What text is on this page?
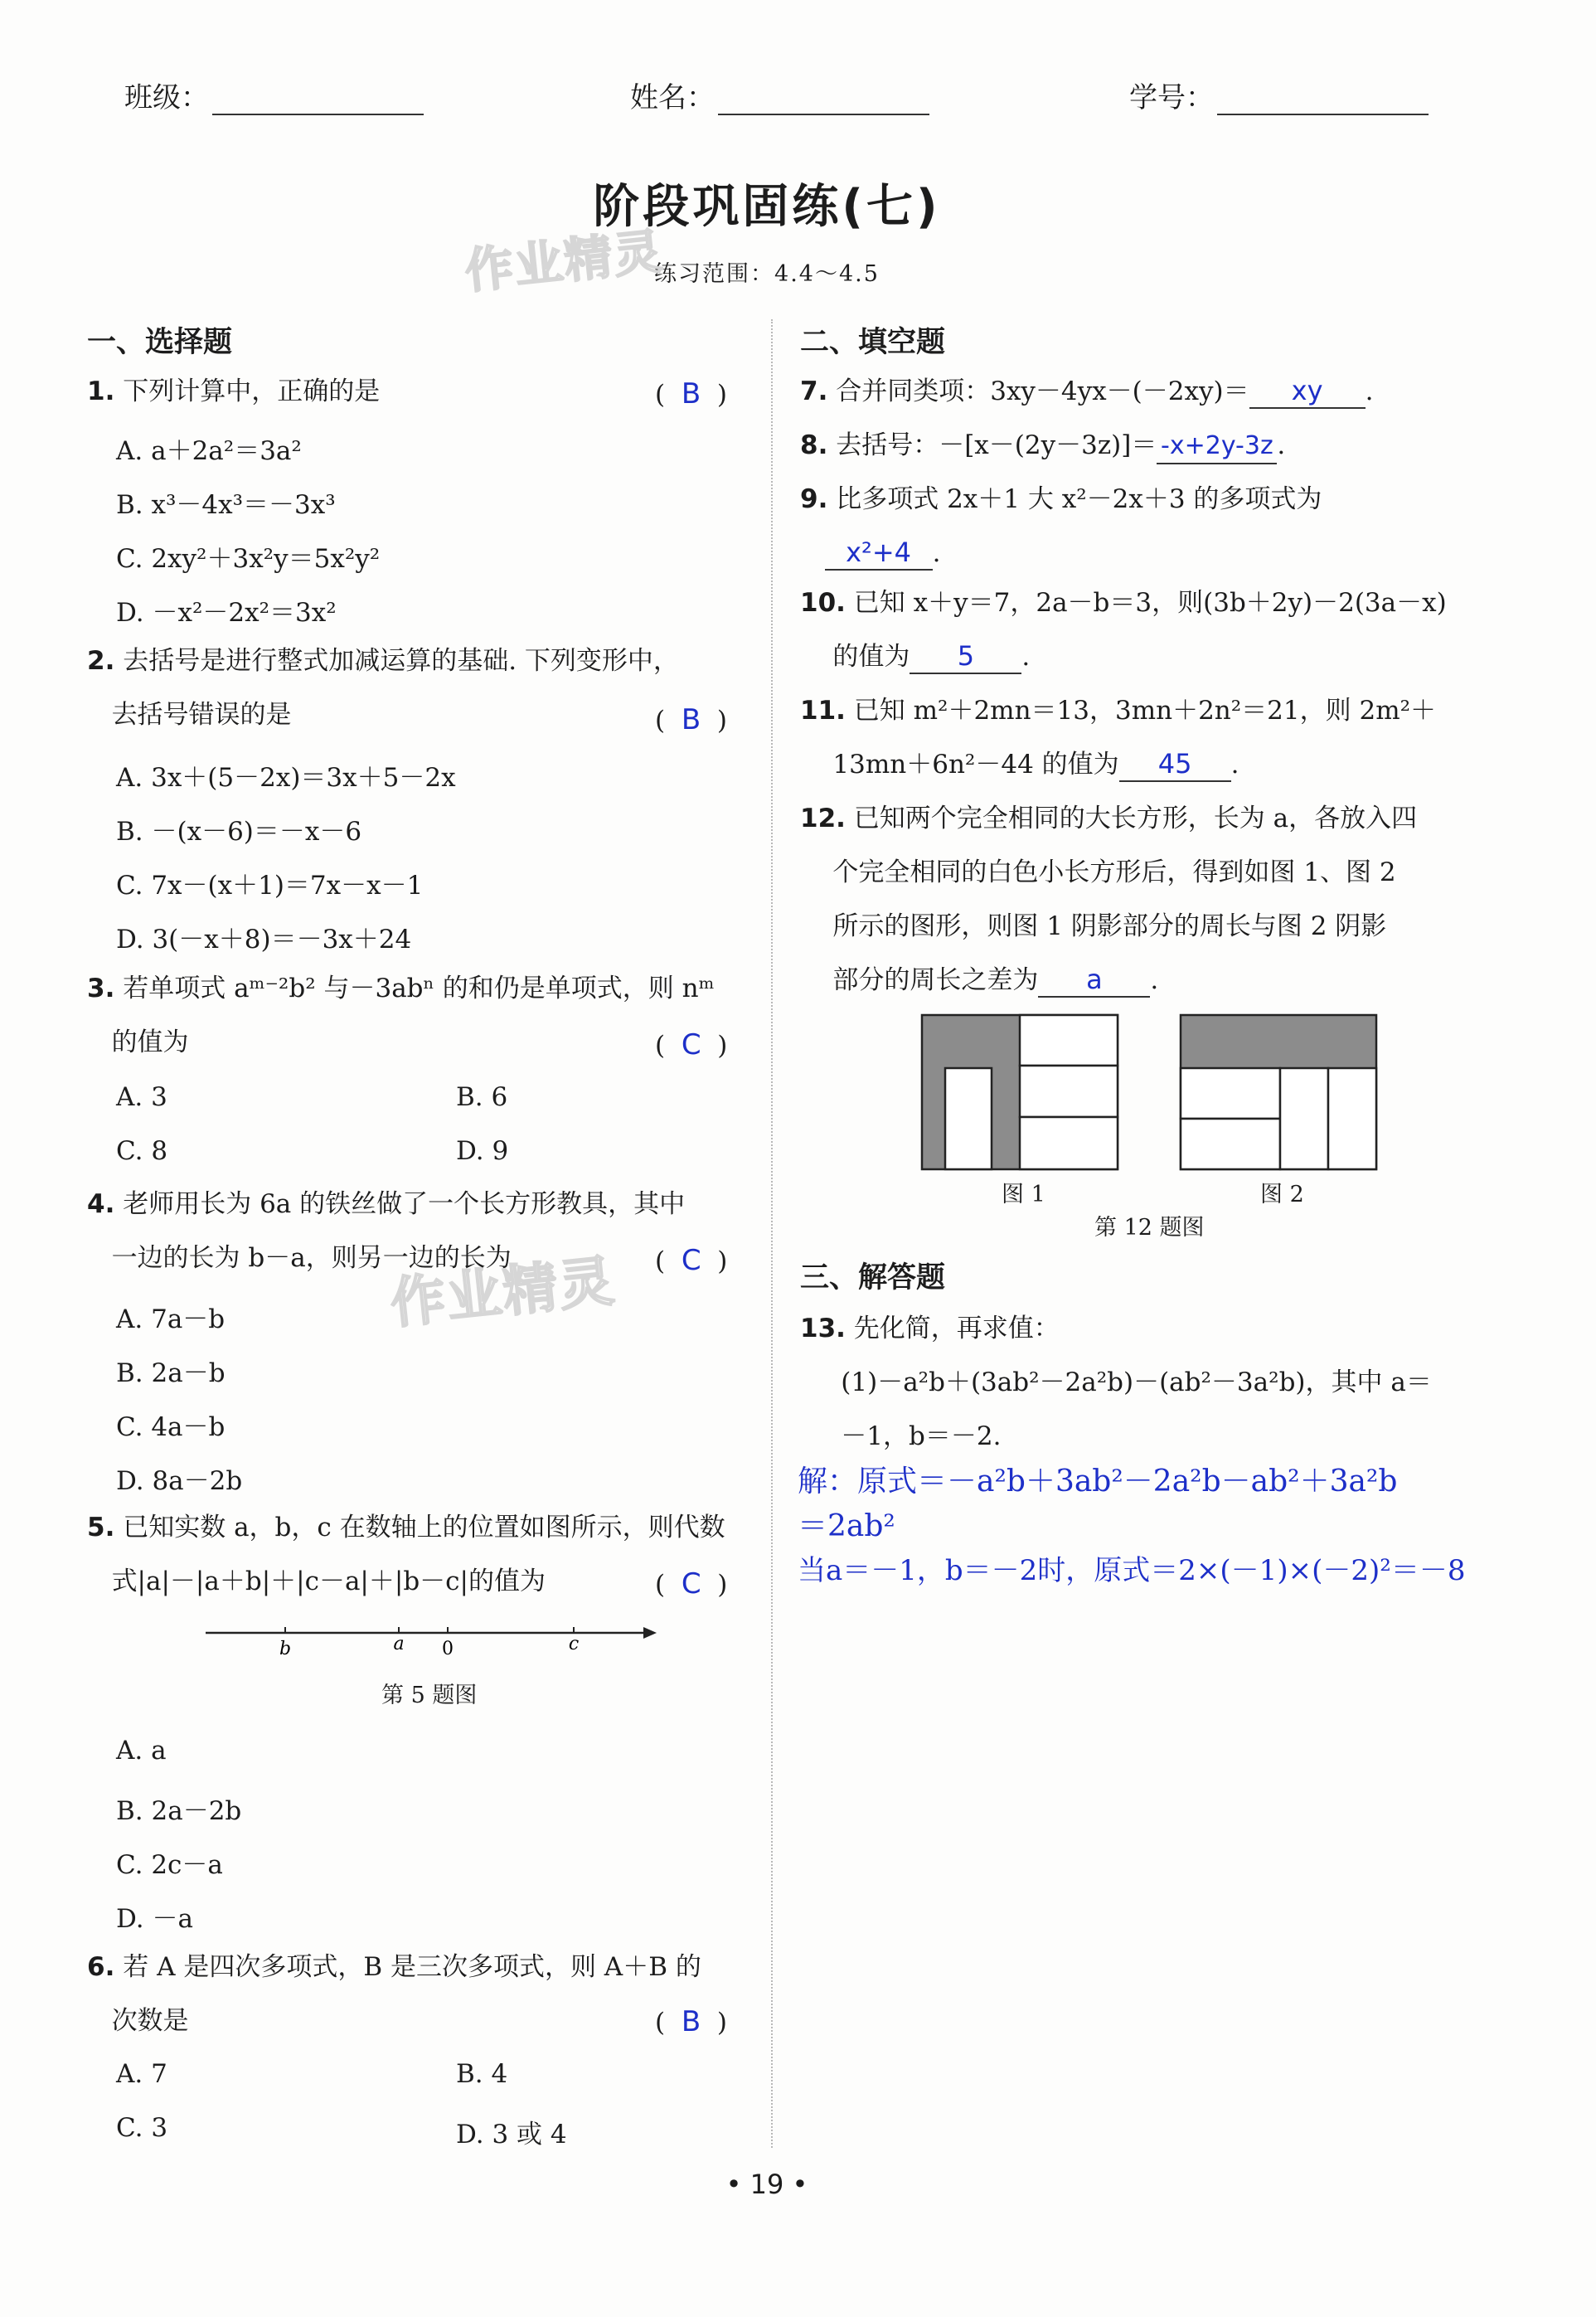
班级：	姓名：	学号：
阶段巩固练(七)
练习范围：4.4～4.5
作业精灵
作业精灵
一、选择题
1. 下列计算中，正确的是	(  B  )
A. a＋2a²＝3a²
B. x³－4x³＝－3x³
C. 2xy²＋3x²y＝5x²y²
D. －x²－2x²＝3x²
2. 去括号是进行整式加减运算的基础. 下列变形中，
去括号错误的是	(  B  )
A. 3x＋(5－2x)＝3x＋5－2x
B. －(x－6)＝－x－6
C. 7x－(x＋1)＝7x－x－1
D. 3(－x＋8)＝－3x＋24
3. 若单项式 aᵐ⁻²b² 与－3abⁿ 的和仍是单项式，则 nᵐ
的值为	(  C  )
A. 3	B. 6
C. 8	D. 9
4. 老师用长为 6a 的铁丝做了一个长方形教具，其中
一边的长为 b－a，则另一边的长为	(  C  )
A. 7a－b
B. 2a－b
C. 4a－b
D. 8a－2b
5. 已知实数 a，b，c 在数轴上的位置如图所示，则代数
式|a|－|a＋b|＋|c－a|＋|b－c|的值为	(  C  )
b	a 0	c
第 5 题图
A. a
B. 2a－2b
C. 2c－a
D. －a
6. 若 A 是四次多项式，B 是三次多项式，则 A＋B 的
次数是	(  B  )
A. 7	B. 4
C. 3	D. 3 或 4
二、填空题
7. 合并同类项：3xy－4yx－(－2xy)＝ xy .
8. 去括号：－[x－(2y－3z)]＝ -x+2y-3z .
9. 比多项式 2x＋1 大 x²－2x＋3 的多项式为
x²+4 .
10. 已知 x＋y＝7，2a－b＝3，则(3b＋2y)－2(3a－x)
的值为 5 .
11. 已知 m²＋2mn＝13，3mn＋2n²＝21，则 2m²＋
13mn＋6n²－44 的值为 45 .
12. 已知两个完全相同的大长方形，长为 a，各放入四
个完全相同的白色小长方形后，得到如图 1、图 2
所示的图形，则图 1 阴影部分的周长与图 2 阴影
部分的周长之差为 a .
图 1	图 2
第 12 题图
三、解答题
13. 先化简，再求值：
(1)－a²b＋(3ab²－2a²b)－(ab²－3a²b)，其中 a＝
－1，b＝－2.
解：原式＝－a²b＋3ab²－2a²b－ab²＋3a²b
＝2ab²
当a＝－1，b＝－2时，原式＝2×(－1)×(－2)²＝－8
• 19 •
